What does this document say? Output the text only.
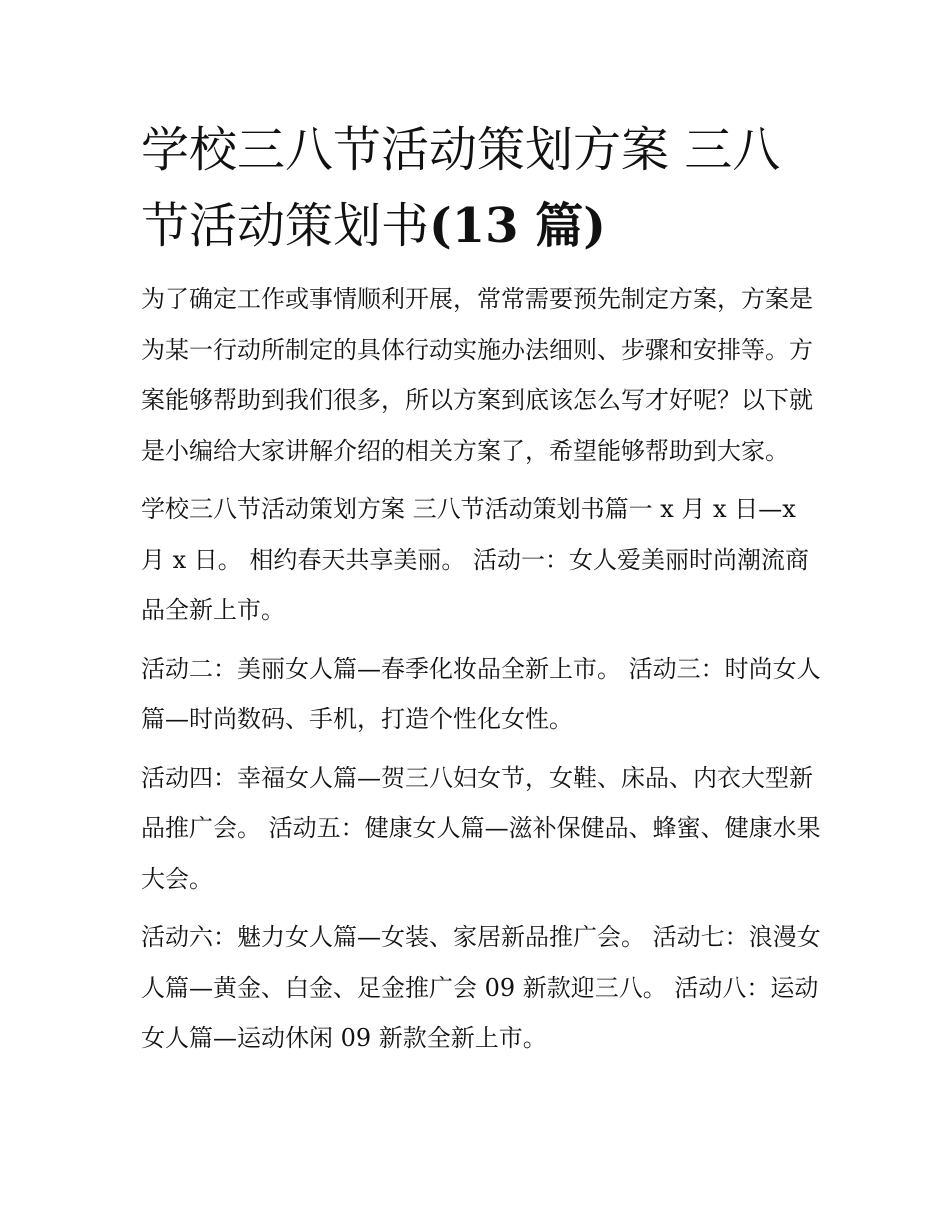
学校三八节活动策划方案 三八节活动策划书(13 篇)

为了确定工作或事情顺利开展，常常需要预先制定方案，方案是为某一行动所制定的具体行动实施办法细则、步骤和安排等。方案能够帮助到我们很多，所以方案到底该怎么写才好呢？以下就是小编给大家讲解介绍的相关方案了，希望能够帮助到大家。

学校三八节活动策划方案 三八节活动策划书篇一 x 月 x 日—x 月 x 日。 相约春天共享美丽。 活动一：女人爱美丽时尚潮流商品全新上市。

活动二：美丽女人篇—春季化妆品全新上市。 活动三：时尚女人篇—时尚数码、手机，打造个性化女性。

活动四：幸福女人篇—贺三八妇女节，女鞋、床品、内衣大型新品推广会。 活动五：健康女人篇—滋补保健品、蜂蜜、健康水果大会。

活动六：魅力女人篇—女装、家居新品推广会。 活动七：浪漫女人篇—黄金、白金、足金推广会 09 新款迎三八。 活动八：运动女人篇—运动休闲 09 新款全新上市。
